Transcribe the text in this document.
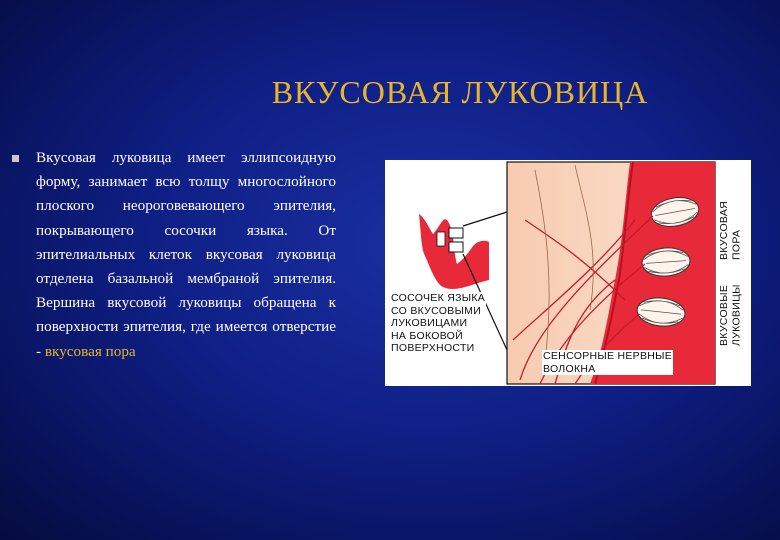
ВКУСОВАЯ ЛУКОВИЦА
Вкусовая луковица имеет эллипсоидную форму, занимает всю толщу многослойного плоского неороговевающего эпителия, покрывающего сосочки языка. От эпителиальных клеток вкусовая луковица отделена базальной мембраной эпителия. Вершина вкусовой луковицы обращена к поверхности эпителия, где имеется отверстие - вкусовая пора
СОСОЧЕК ЯЗЫКА
СО ВКУСОВЫМИ
ЛУКОВИЦАМИ
НА БОКОВОЙ
ПОВЕРХНОСТИ
СЕНСОРНЫЕ НЕРВНЫЕ
ВОЛОКНА
ВКУСОВАЯ ПОРА
ВКУСОВЫЕ ЛУКОВИЦЫ
